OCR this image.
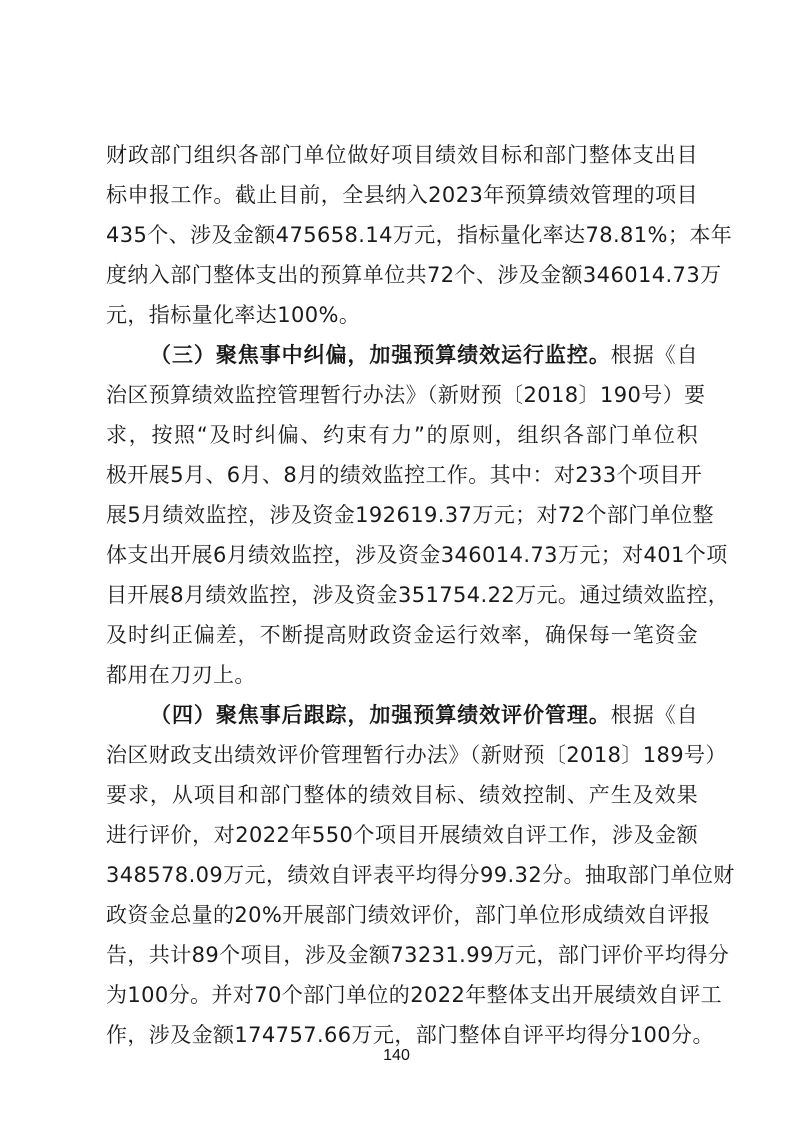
财政部门组织各部门单位做好项目绩效目标和部门整体支出目
标申报工作。截止目前，全县纳入2023年预算绩效管理的项目
435个、涉及金额475658.14万元，指标量化率达78.81%；本年
度纳入部门整体支出的预算单位共72个、涉及金额346014.73万
元，指标量化率达100%。
（三）聚焦事中纠偏，加强预算绩效运行监控。根据《自
治区预算绩效监控管理暂行办法》（新财预〔2018〕190号）要
求，按照“及时纠偏、约束有力”的原则，组织各部门单位积
极开展5月、6月、8月的绩效监控工作。其中：对233个项目开
展5月绩效监控，涉及资金192619.37万元；对72个部门单位整
体支出开展6月绩效监控，涉及资金346014.73万元；对401个项
目开展8月绩效监控，涉及资金351754.22万元。通过绩效监控，
及时纠正偏差，不断提高财政资金运行效率，确保每一笔资金
都用在刀刃上。
（四）聚焦事后跟踪，加强预算绩效评价管理。根据《自
治区财政支出绩效评价管理暂行办法》（新财预〔2018〕189号）
要求，从项目和部门整体的绩效目标、绩效控制、产生及效果
进行评价，对2022年550个项目开展绩效自评工作，涉及金额
348578.09万元，绩效自评表平均得分99.32分。抽取部门单位财
政资金总量的20%开展部门绩效评价，部门单位形成绩效自评报
告，共计89个项目，涉及金额73231.99万元，部门评价平均得分
为100分。并对70个部门单位的2022年整体支出开展绩效自评工
作，涉及金额174757.66万元，部门整体自评平均得分100分。
140
